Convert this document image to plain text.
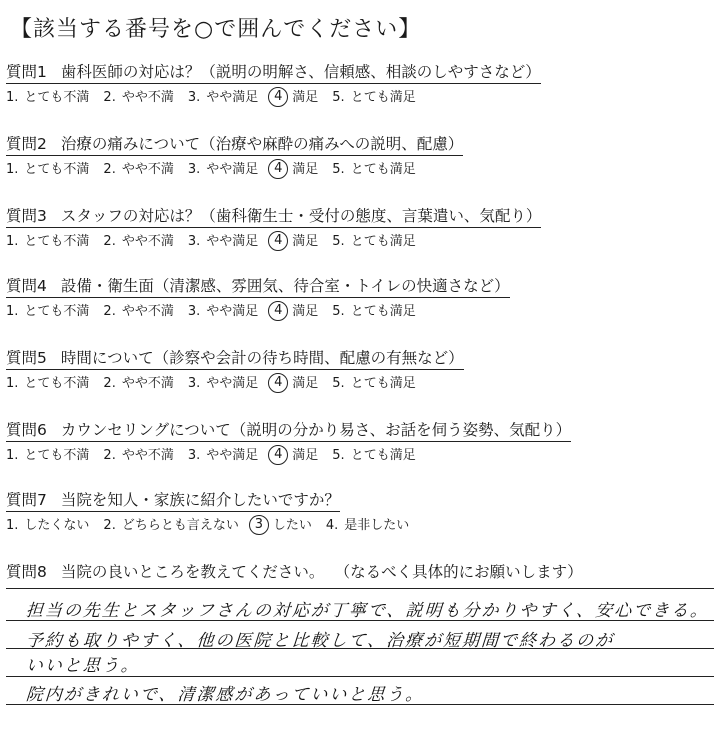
【該当する番号を○で囲んでください】
質問1 歯科医師の対応は？（説明の明解さ、信頼感、相談のしやすさなど）
1. とても不満 2. やや不満 3. やや満足 4 満足 5. とても満足
質問2 治療の痛みについて（治療や麻酔の痛みへの説明、配慮）
1. とても不満 2. やや不満 3. やや満足 4 満足 5. とても満足
質問3 スタッフの対応は？（歯科衛生士・受付の態度、言葉遣い、気配り）
1. とても不満 2. やや不満 3. やや満足 4 満足 5. とても満足
質問4 設備・衛生面（清潔感、雰囲気、待合室・トイレの快適さなど）
1. とても不満 2. やや不満 3. やや満足 4 満足 5. とても満足
質問5 時間について（診察や会計の待ち時間、配慮の有無など）
1. とても不満 2. やや不満 3. やや満足 4 満足 5. とても満足
質問6 カウンセリングについて（説明の分かり易さ、お話を伺う姿勢、気配り）
1. とても不満 2. やや不満 3. やや満足 4 満足 5. とても満足
質問7 当院を知人・家族に紹介したいですか？
1. したくない 2. どちらとも言えない 3 したい 4. 是非したい
質問8 当院の良いところを教えてください。 （なるべく具体的にお願いします）
担当の先生とスタッフさんの対応が丁寧で、説明も分かりやすく、安心できる。
予約も取りやすく、他の医院と比較して、治療が短期間で終わるのが
いいと思う。
院内がきれいで、清潔感があっていいと思う。
